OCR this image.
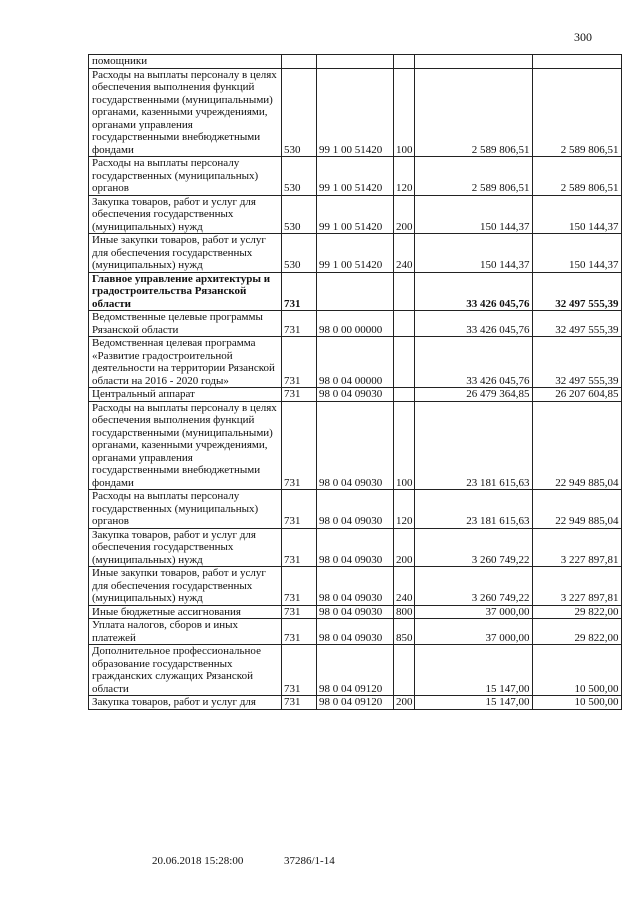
300
помощники					
Расходы на выплаты персоналу в целях обеспечения выполнения функций государственными (муниципальными) органами, казенными учреждениями, органами управления государственными внебюджетными фондами	530	99 1 00 51420	100	2 589 806,51	2 589 806,51
Расходы на выплаты персоналу государственных (муниципальных) органов	530	99 1 00 51420	120	2 589 806,51	2 589 806,51
Закупка товаров, работ и услуг для обеспечения государственных (муниципальных) нужд	530	99 1 00 51420	200	150 144,37	150 144,37
Иные закупки товаров, работ и услуг для обеспечения государственных (муниципальных) нужд	530	99 1 00 51420	240	150 144,37	150 144,37
Главное управление архитектуры и градостроительства Рязанской области	731			33 426 045,76	32 497 555,39
Ведомственные целевые программы Рязанской области	731	98 0 00 00000		33 426 045,76	32 497 555,39
Ведомственная целевая программа «Развитие градостроительной деятельности на территории Рязанской области на 2016 - 2020 годы»	731	98 0 04 00000		33 426 045,76	32 497 555,39
Центральный аппарат	731	98 0 04 09030		26 479 364,85	26 207 604,85
Расходы на выплаты персоналу в целях обеспечения выполнения функций государственными (муниципальными) органами, казенными учреждениями, органами управления государственными внебюджетными фондами	731	98 0 04 09030	100	23 181 615,63	22 949 885,04
Расходы на выплаты персоналу государственных (муниципальных) органов	731	98 0 04 09030	120	23 181 615,63	22 949 885,04
Закупка товаров, работ и услуг для обеспечения государственных (муниципальных) нужд	731	98 0 04 09030	200	3 260 749,22	3 227 897,81
Иные закупки товаров, работ и услуг для обеспечения государственных (муниципальных) нужд	731	98 0 04 09030	240	3 260 749,22	3 227 897,81
Иные бюджетные ассигнования	731	98 0 04 09030	800	37 000,00	29 822,00
Уплата налогов, сборов и иных платежей	731	98 0 04 09030	850	37 000,00	29 822,00
Дополнительное профессиональное образование государственных гражданских служащих Рязанской области	731	98 0 04 09120		15 147,00	10 500,00
Закупка товаров, работ и услуг для	731	98 0 04 09120	200	15 147,00	10 500,00
20.06.2018 15:28:00	37286/1-14
